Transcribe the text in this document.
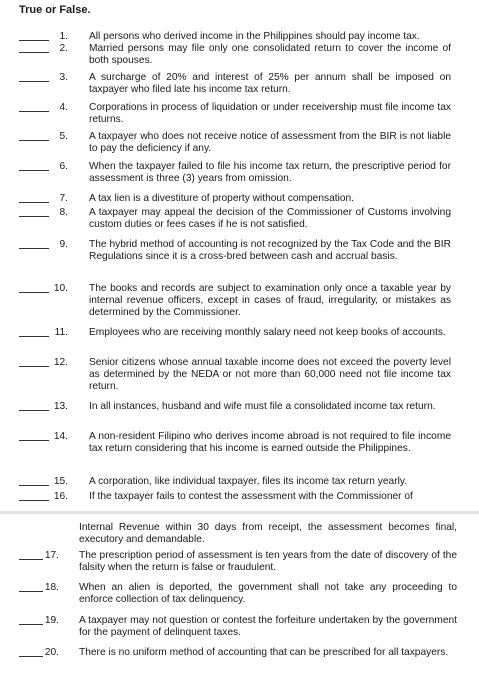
True or False.
1. All persons who derived income in the Philippines should pay income tax.
2. Married persons may file only one consolidated return to cover the income of both spouses.
3. A surcharge of 20% and interest of 25% per annum shall be imposed on taxpayer who filed late his income tax return.
4. Corporations in process of liquidation or under receivership must file income tax returns.
5. A taxpayer who does not receive notice of assessment from the BIR is not liable to pay the deficiency if any.
6. When the taxpayer failed to file his income tax return, the prescriptive period for assessment is three (3) years from omission.
7. A tax lien is a divestiture of property without compensation.
8. A taxpayer may appeal the decision of the Commissioner of Customs involving custom duties or fees cases if he is not satisfied.
9. The hybrid method of accounting is not recognized by the Tax Code and the BIR Regulations since it is a cross-bred between cash and accrual basis.
10. The books and records are subject to examination only once a taxable year by internal revenue officers, except in cases of fraud, irregularity, or mistakes as determined by the Commissioner.
11. Employees who are receiving monthly salary need not keep books of accounts.
12. Senior citizens whose annual taxable income does not exceed the poverty level as determined by the NEDA or not more than 60,000 need not file income tax return.
13. In all instances, husband and wife must file a consolidated income tax return.
14. A non-resident Filipino who derives income abroad is not required to file income tax return considering that his income is earned outside the Philippines.
15. A corporation, like individual taxpayer, files its income tax return yearly.
16. If the taxpayer fails to contest the assessment with the Commissioner of
Internal Revenue within 30 days from receipt, the assessment becomes final, executory and demandable.
17. The prescription period of assessment is ten years from the date of discovery of the falsity when the return is false or fraudulent.
18. When an alien is deported, the government shall not take any proceeding to enforce collection of tax delinquency.
19. A taxpayer may not question or contest the forfeiture undertaken by the government for the payment of delinquent taxes.
20. There is no uniform method of accounting that can be prescribed for all taxpayers.
